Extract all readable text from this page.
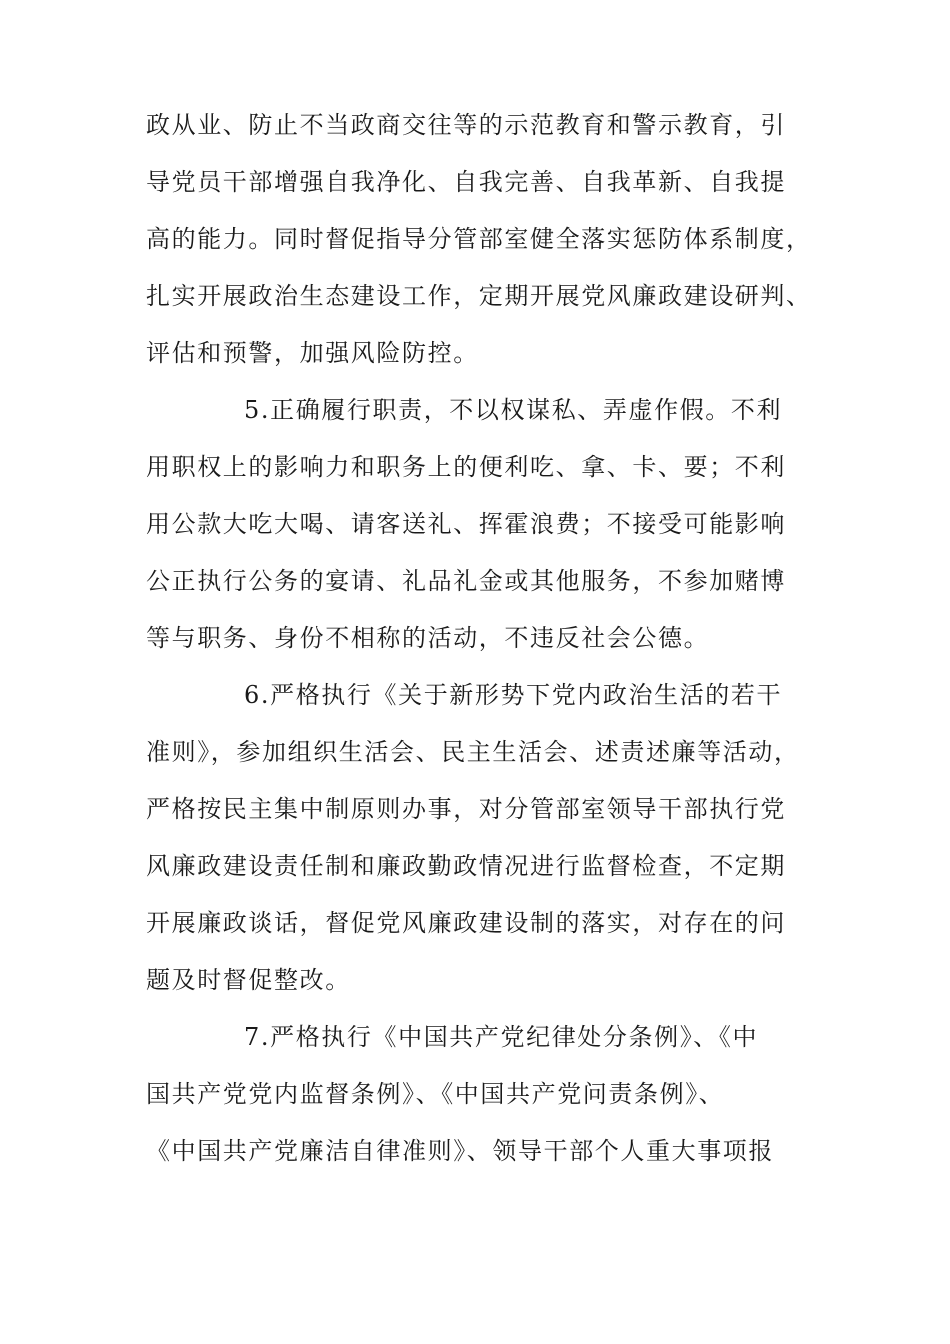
政从业、防止不当政商交往等的示范教育和警示教育，引
导党员干部增强自我净化、自我完善、自我革新、自我提
高的能力。同时督促指导分管部室健全落实惩防体系制度，
扎实开展政治生态建设工作，定期开展党风廉政建设研判、
评估和预警，加强风险防控。
5.正确履行职责，不以权谋私、弄虚作假。不利
用职权上的影响力和职务上的便利吃、拿、卡、要；不利
用公款大吃大喝、请客送礼、挥霍浪费；不接受可能影响
公正执行公务的宴请、礼品礼金或其他服务，不参加赌博
等与职务、身份不相称的活动，不违反社会公德。
6.严格执行《关于新形势下党内政治生活的若干
准则》，参加组织生活会、民主生活会、述责述廉等活动，
严格按民主集中制原则办事，对分管部室领导干部执行党
风廉政建设责任制和廉政勤政情况进行监督检查，不定期
开展廉政谈话，督促党风廉政建设制的落实，对存在的问
题及时督促整改。
7.严格执行《中国共产党纪律处分条例》、《中
国共产党党内监督条例》、《中国共产党问责条例》、
《中国共产党廉洁自律准则》、领导干部个人重大事项报
